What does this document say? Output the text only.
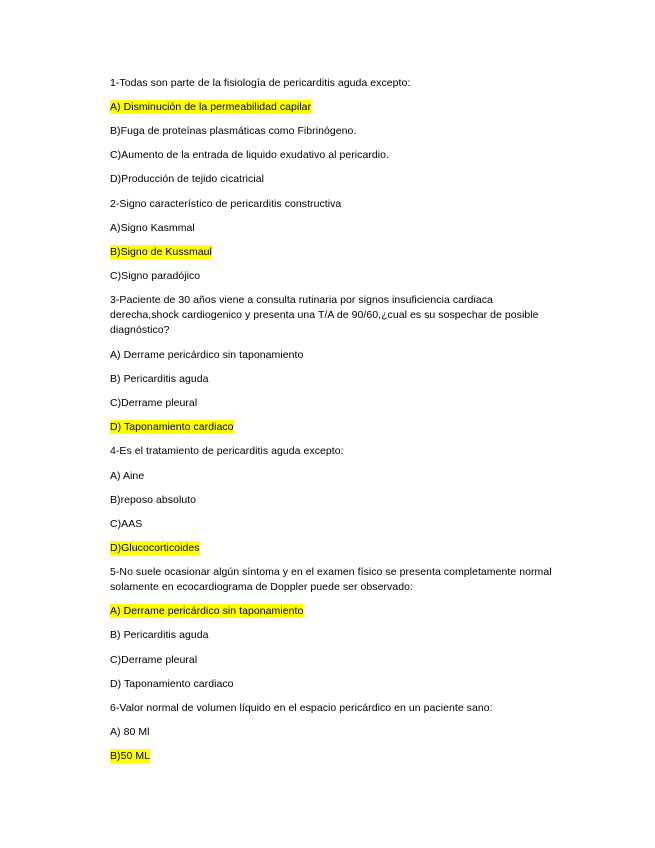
1-Todas son parte de la fisiología de pericarditis aguda excepto:
A) Disminución de la permeabilidad capilar
B)Fuga de proteínas plasmáticas como Fibrinógeno.
C)Aumento de la entrada de liquido exudativo al pericardio.
D)Producción de tejido cicatricial
2-Signo característico de pericarditis constructiva
A)Signo Kasmmal
B)Signo de Kussmaul
C)Signo paradójico
3-Paciente de 30 años viene a consulta rutinaria por signos insuficiencia cardiaca
derecha,shock cardiogenico y presenta una T/A de 90/60,¿cual es su sospechar de posible
diagnóstico?
A) Derrame pericárdico sin taponamiento
B) Pericarditis aguda
C)Derrame pleural
D) Taponamiento cardiaco
4-Es el tratamiento de pericarditis aguda excepto:
A) Aine
B)reposo absoluto
C)AAS
D)Glucocorticoides
5-No suele ocasionar algún síntoma y en el examen físico se presenta completamente normal
solamente en ecocardiograma de Doppler puede ser observado:
A) Derrame pericárdico sin taponamiento
B) Pericarditis aguda
C)Derrame pleural
D) Taponamiento cardiaco
6-Valor normal de volumen líquido en el espacio pericárdico en un paciente sano:
A) 80 Ml
B)50 ML
